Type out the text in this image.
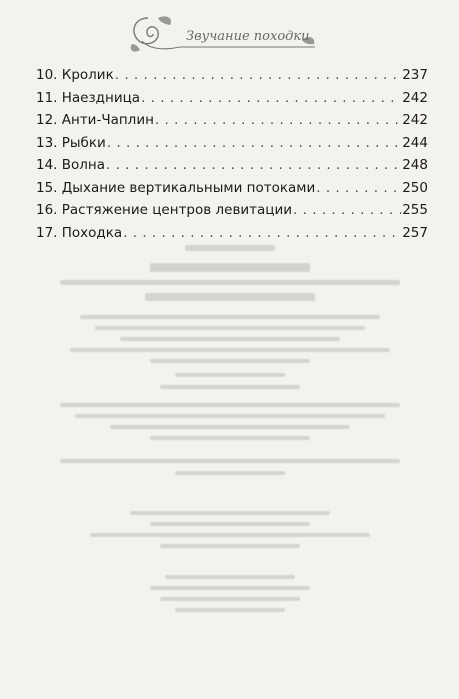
Звучание походки
10. Кролик . . .	237
11. Наездница . . .	242
12. Анти-Чаплин . . .	242
13. Рыбки . . .	244
14. Волна . . .	248
15. Дыхание вертикальными потоками . . .	250
16. Растяжение центров левитации . . .	255
17. Походка . . .	257
